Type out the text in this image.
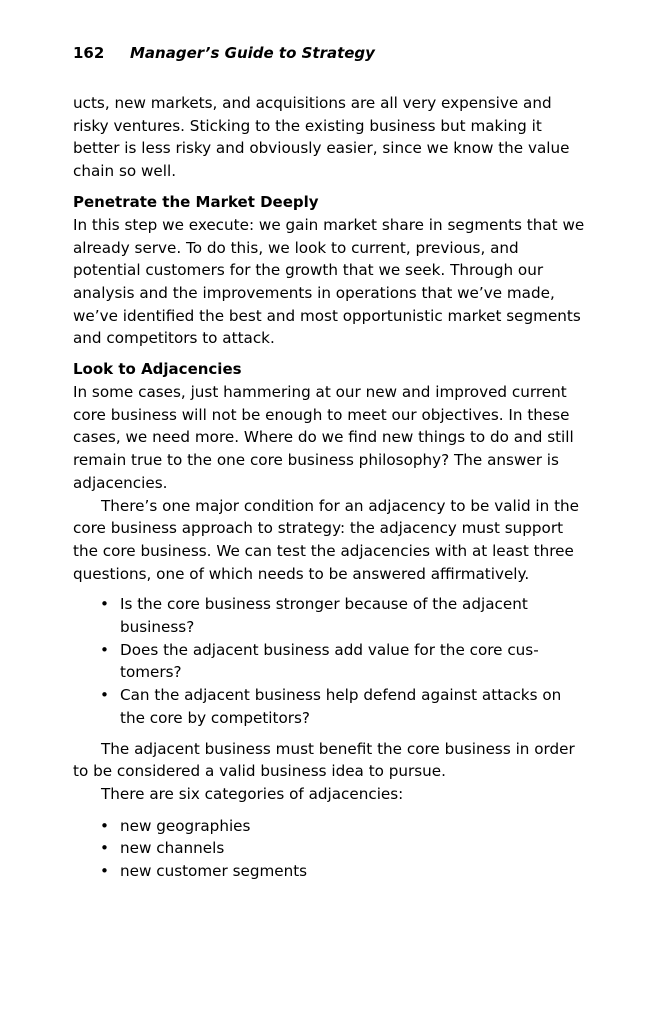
162 Manager’s Guide to Strategy

ucts, new markets, and acquisitions are all very expensive and risky ventures. Sticking to the existing business but making it better is less risky and obviously easier, since we know the value chain so well.

Penetrate the Market Deeply

In this step we execute: we gain market share in segments that we already serve. To do this, we look to current, previous, and potential customers for the growth that we seek. Through our analysis and the improvements in operations that we’ve made, we’ve identified the best and most opportunistic market segments and competitors to attack.

Look to Adjacencies

In some cases, just hammering at our new and improved current core business will not be enough to meet our objectives. In these cases, we need more. Where do we find new things to do and still remain true to the one core business philosophy? The answer is adjacencies.

There’s one major condition for an adjacency to be valid in the core business approach to strategy: the adjacency must support the core business. We can test the adjacencies with at least three questions, one of which needs to be answered affirmatively.

• Is the core business stronger because of the adjacent business?
• Does the adjacent business add value for the core customers?
• Can the adjacent business help defend against attacks on the core by competitors?

The adjacent business must benefit the core business in order to be considered a valid business idea to pursue.

There are six categories of adjacencies:

• new geographies
• new channels
• new customer segments
